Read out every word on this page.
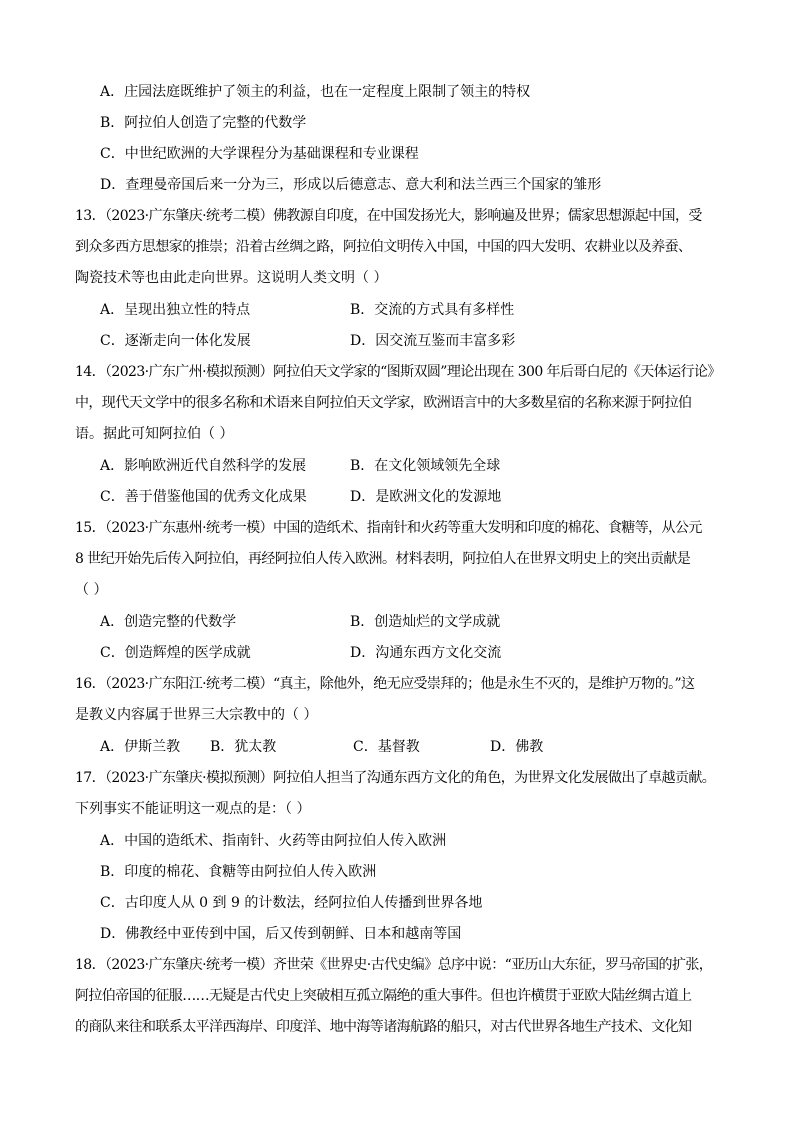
A．庄园法庭既维护了领主的利益，也在一定程度上限制了领主的特权
B．阿拉伯人创造了完整的代数学
C．中世纪欧洲的大学课程分为基础课程和专业课程
D．查理曼帝国后来一分为三，形成以后德意志、意大利和法兰西三个国家的雏形
13．（2023·广东肇庆·统考二模）佛教源自印度，在中国发扬光大，影响遍及世界；儒家思想源起中国，受
到众多西方思想家的推崇；沿着古丝绸之路，阿拉伯文明传入中国，中国的四大发明、农耕业以及养蚕、
陶瓷技术等也由此走向世界。这说明人类文明（ ）
A．呈现出独立性的特点	B．交流的方式具有多样性
C．逐渐走向一体化发展	D．因交流互鉴而丰富多彩
14．（2023·广东广州·模拟预测）阿拉伯天文学家的“图斯双圆”理论出现在 300 年后哥白尼的《天体运行论》
中，现代天文学中的很多名称和术语来自阿拉伯天文学家，欧洲语言中的大多数星宿的名称来源于阿拉伯
语。据此可知阿拉伯（ ）
A．影响欧洲近代自然科学的发展	B．在文化领域领先全球
C．善于借鉴他国的优秀文化成果	D．是欧洲文化的发源地
15．（2023·广东惠州·统考一模）中国的造纸术、指南针和火药等重大发明和印度的棉花、食糖等，从公元
8 世纪开始先后传入阿拉伯，再经阿拉伯人传入欧洲。材料表明，阿拉伯人在世界文明史上的突出贡献是
（ ）
A．创造完整的代数学	B．创造灿烂的文学成就
C．创造辉煌的医学成就	D．沟通东西方文化交流
16．（2023·广东阳江·统考二模）“真主，除他外，绝无应受崇拜的；他是永生不灭的，是维护万物的。”这
是教义内容属于世界三大宗教中的（ ）
A．伊斯兰教 B．犹太教	C．基督教	D．佛教
17．（2023·广东肇庆·模拟预测）阿拉伯人担当了沟通东西方文化的角色，为世界文化发展做出了卓越贡献。
下列事实不能证明这一观点的是：（ ）
A．中国的造纸术、指南针、火药等由阿拉伯人传入欧洲
B．印度的棉花、食糖等由阿拉伯人传入欧洲
C．古印度人从 0 到 9 的计数法，经阿拉伯人传播到世界各地
D．佛教经中亚传到中国，后又传到朝鲜、日本和越南等国
18．（2023·广东肇庆·统考一模）齐世荣《世界史·古代史编》总序中说：“亚历山大东征，罗马帝国的扩张，
阿拉伯帝国的征服……无疑是古代史上突破相互孤立隔绝的重大事件。但也许横贯于亚欧大陆丝绸古道上
的商队来往和联系太平洋西海岸、印度洋、地中海等诸海航路的船只，对古代世界各地生产技术、文化知
